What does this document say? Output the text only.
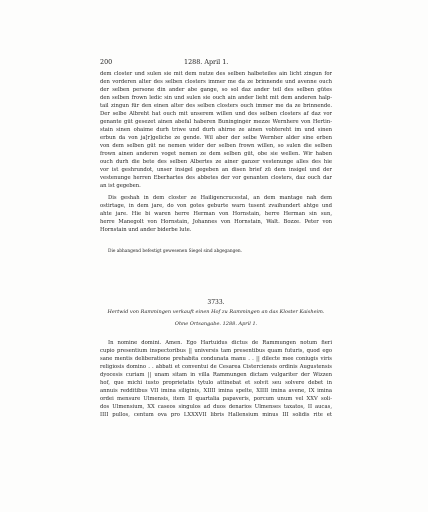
200	1288. April 1.
dem closter und sulen sie mit dem nutze des selben halbeteiles ain licht zingun for
den vorderen alter des selben closters immer me da ze brinnende und avenne ouch
der selben persone din ander abe gange, so sol daz ander teil des selben gütes
den selben frown ledic sin und sulen sie ouch ain ander lieht mit dem anderen halp-
tail zingun für den einen alter des selben closters ouch immer me da ze brinnende.
Der selbe Albreht hat ouch mit unserem willen und des selben closters af daz vor
genante güt gesezet ainen abefal haberen Buningingér mezze Wernhere von Hertin-
stain sinen ohaime durh triwe und durh ahirne ze ainen vohtereht im und sinen
erbun da von ja[r]geliche ze gende. Wil aber der selbe Wernher alder sine erben
von dem selben güt ne nemen wider der selben frown willen, so sulen die selben
frown ainen anderen voget nemen ze dem selben güt, obe sie wellen. Wir haben
ouch durh die bete des selben Albertes ze ainer ganzer vestenunge alles des hie
vor ist geshrundot, unser insigel gegeben an disen brief zü dem insigel und der
vestenunge herren Eberhartes des abbetes der vor genanten closters, daz ouch dar
an ist gegeben.
Dis geshah in dem closter ze Hailigencrucestal, an dem mantage nah dem
ostirtage, in dem jare, do von gotes geburte warn tusent zvaihundert ahtge und
ahte jare. Hie bi waren herre Herman von Hornstain, herre Herman sin sun,
herre Manegolt von Hornstain, Johannes von Hornstain, Walt. Bozze. Peter von
Hornstain und ander biderbe lute.
Die abhangend befestigt gewesenen Siegel sind abgegangen.
3733.
Hertwid von Rammingen verkauft einen Hof zu Rammingen an das Kloster Kaisheim.
Ohne Ortsangabe. 1288. April 1.
In nomine domini. Amen. Ego Hartuidus dictus de Rammungen notum fieri
cupio presentium inspectoribus || universis tam presentibus quam futuris, quod ego
sane mentis deliberatione prehabita condunata manu . . || dilecte mee coniugis viris
religiosis domino . . abbati et conventui de Cesarea Cisterciensis ordinis Augustensis
dyocesis curiam || unam sitam in villa Rammungen dictam vulgariter der Wizzen
hof, que michi iusto proprietatis tytulo attinebat et solvit seu solvere debet in
annuis redditibus VII imina siliginis, XIIII imina spelte, XIIII imina avene, IX imina
ordei mensure Ulmensis, item II quartalia papaveris, porcum unum vel XXV soli-
dos Ulmensium, XX caseos singulos ad duos denarios Ulmenses taxatos, II aucas,
IIII pullos, centum ova pro LXXXVII libris Hallensium minus III solidis rite et
